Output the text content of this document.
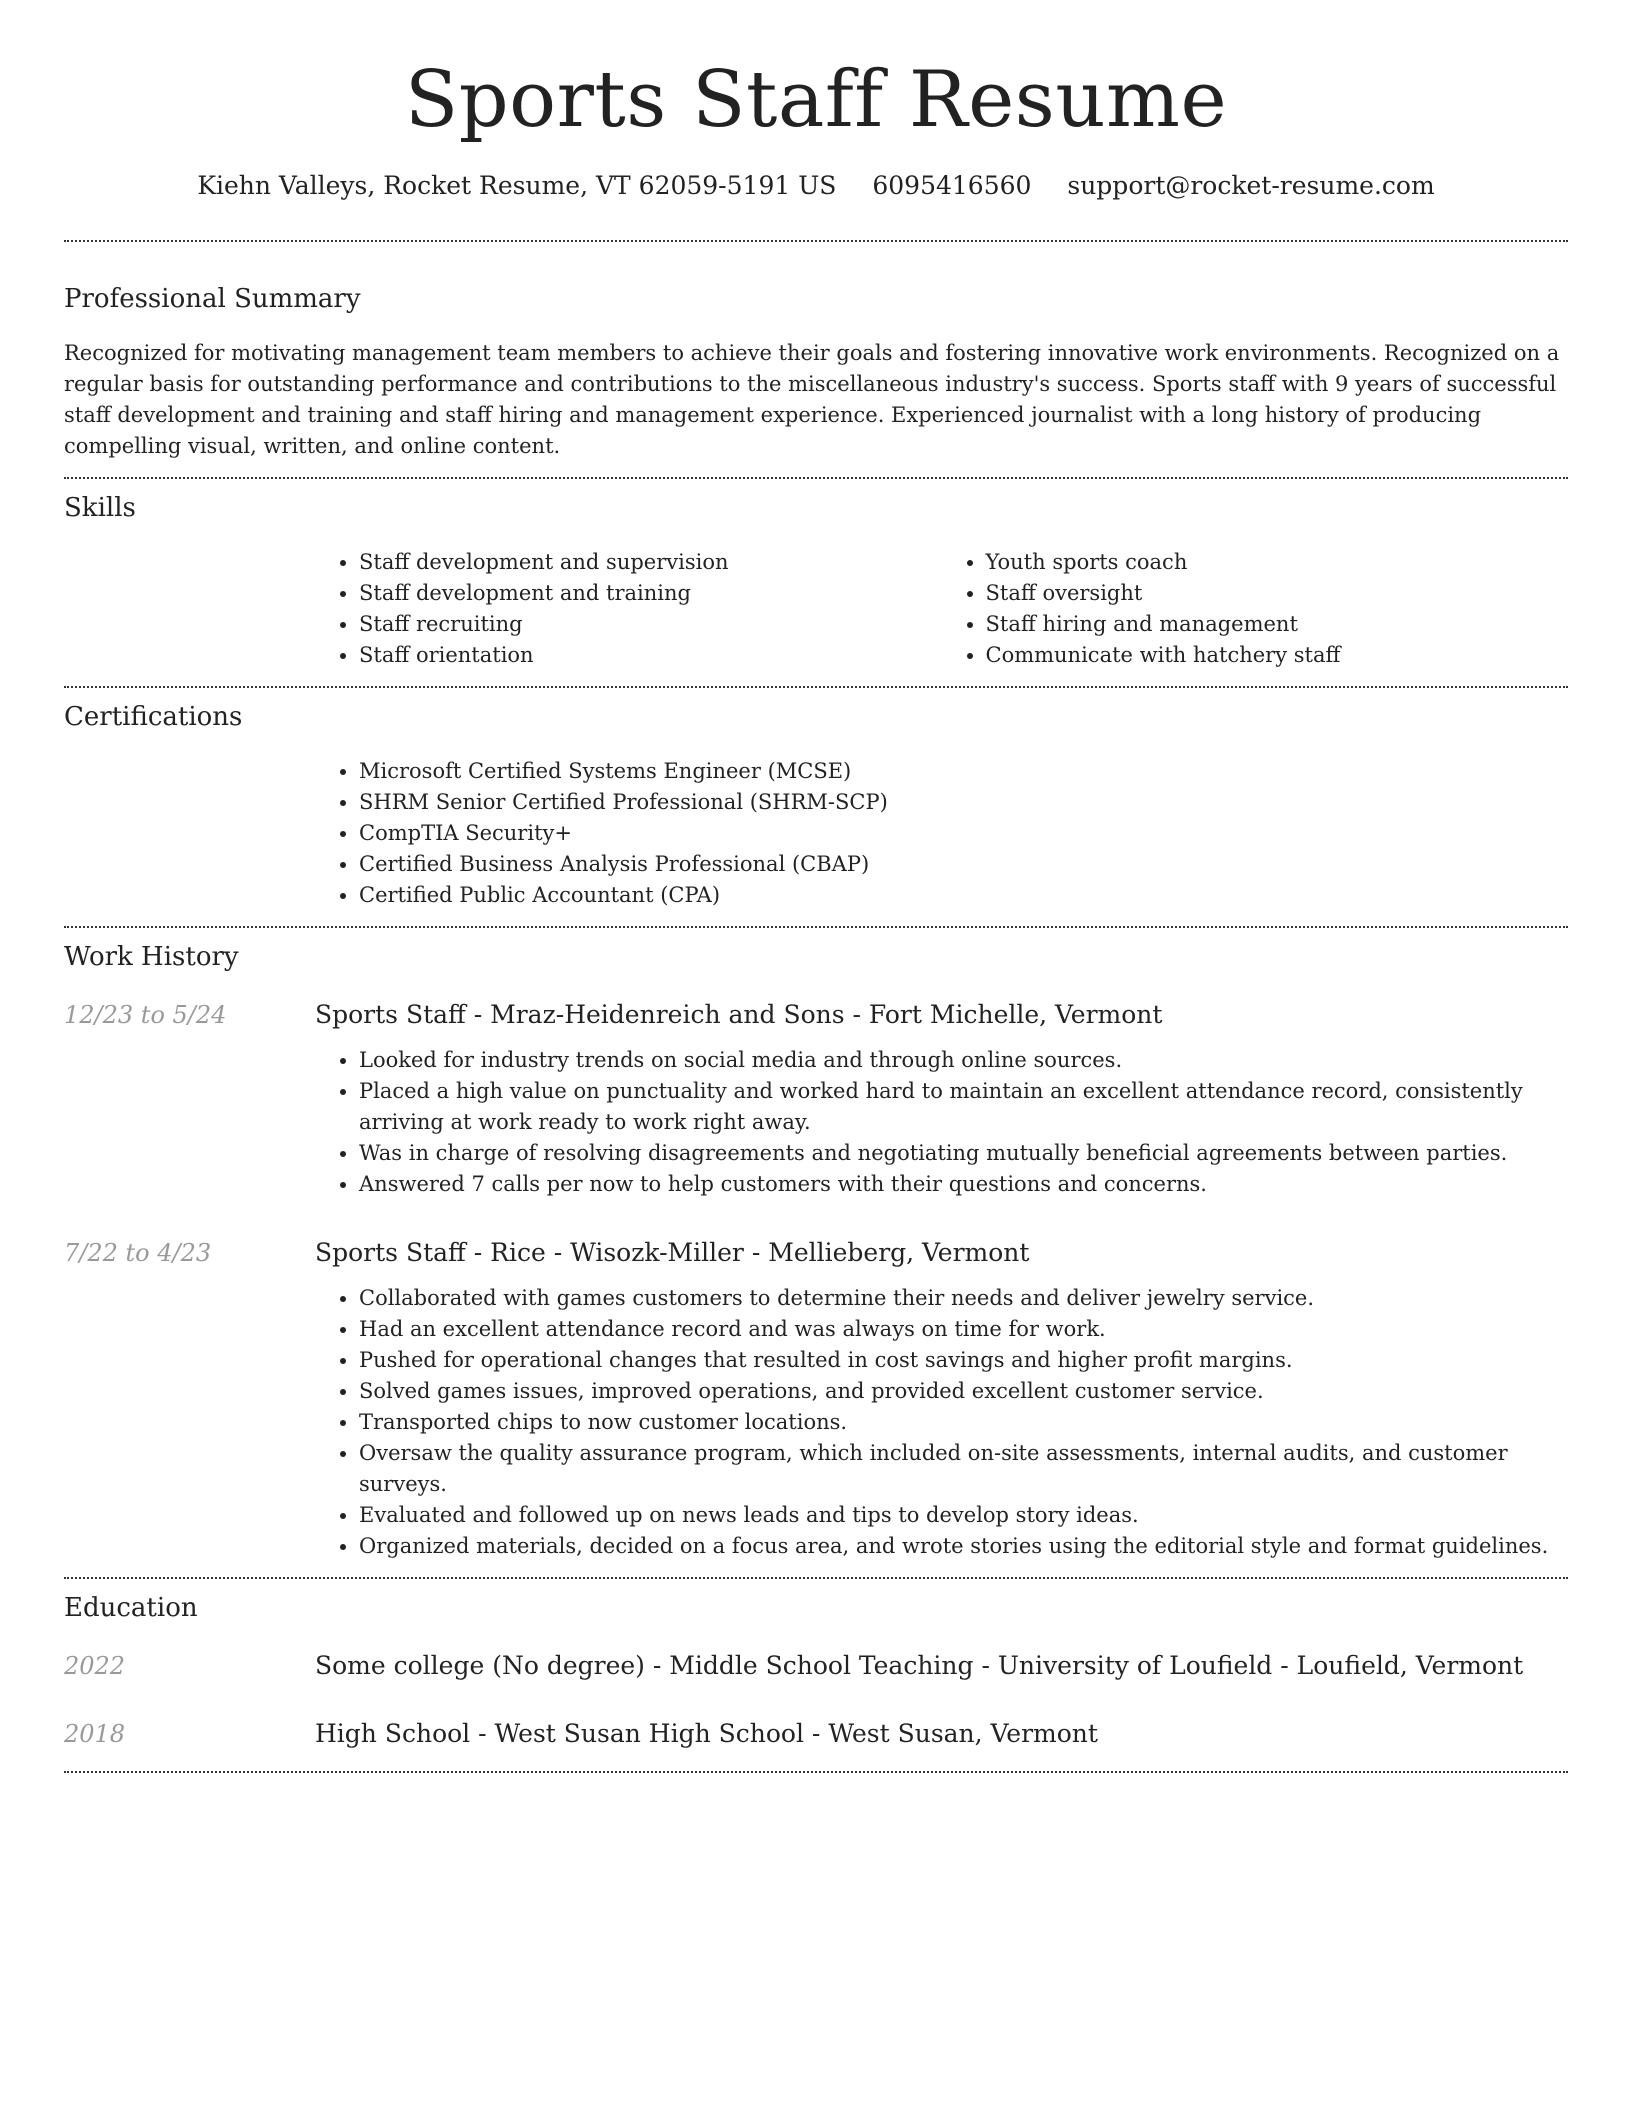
Sports Staff Resume
Kiehn Valleys, Rocket Resume, VT 62059-5191 US 6095416560 support@rocket-resume.com
Professional Summary

Recognized for motivating management team members to achieve their goals and fostering innovative work environments. Recognized on a regular basis for outstanding performance and contributions to the miscellaneous industry's success. Sports staff with 9 years of successful staff development and training and staff hiring and management experience. Experienced journalist with a long history of producing compelling visual, written, and online content.

Skills
• Staff development and supervision
• Staff development and training
• Staff recruiting
• Staff orientation
• Youth sports coach
• Staff oversight
• Staff hiring and management
• Communicate with hatchery staff
Certifications
• Microsoft Certified Systems Engineer (MCSE)
• SHRM Senior Certified Professional (SHRM-SCP)
• CompTIA Security+
• Certified Business Analysis Professional (CBAP)
• Certified Public Accountant (CPA)
Work History
12/23 to 5/24	Sports Staff - Mraz-Heidenreich and Sons - Fort Michelle, Vermont
• Looked for industry trends on social media and through online sources.
• Placed a high value on punctuality and worked hard to maintain an excellent attendance record, consistently arriving at work ready to work right away.
• Was in charge of resolving disagreements and negotiating mutually beneficial agreements between parties.
• Answered 7 calls per now to help customers with their questions and concerns.
7/22 to 4/23	Sports Staff - Rice - Wisozk-Miller - Mellieberg, Vermont
• Collaborated with games customers to determine their needs and deliver jewelry service.
• Had an excellent attendance record and was always on time for work.
• Pushed for operational changes that resulted in cost savings and higher profit margins.
• Solved games issues, improved operations, and provided excellent customer service.
• Transported chips to now customer locations.
• Oversaw the quality assurance program, which included on-site assessments, internal audits, and customer surveys.
• Evaluated and followed up on news leads and tips to develop story ideas.
• Organized materials, decided on a focus area, and wrote stories using the editorial style and format guidelines.
Education
2022	Some college (No degree) - Middle School Teaching - University of Loufield - Loufield, Vermont
2018	High School - West Susan High School - West Susan, Vermont
